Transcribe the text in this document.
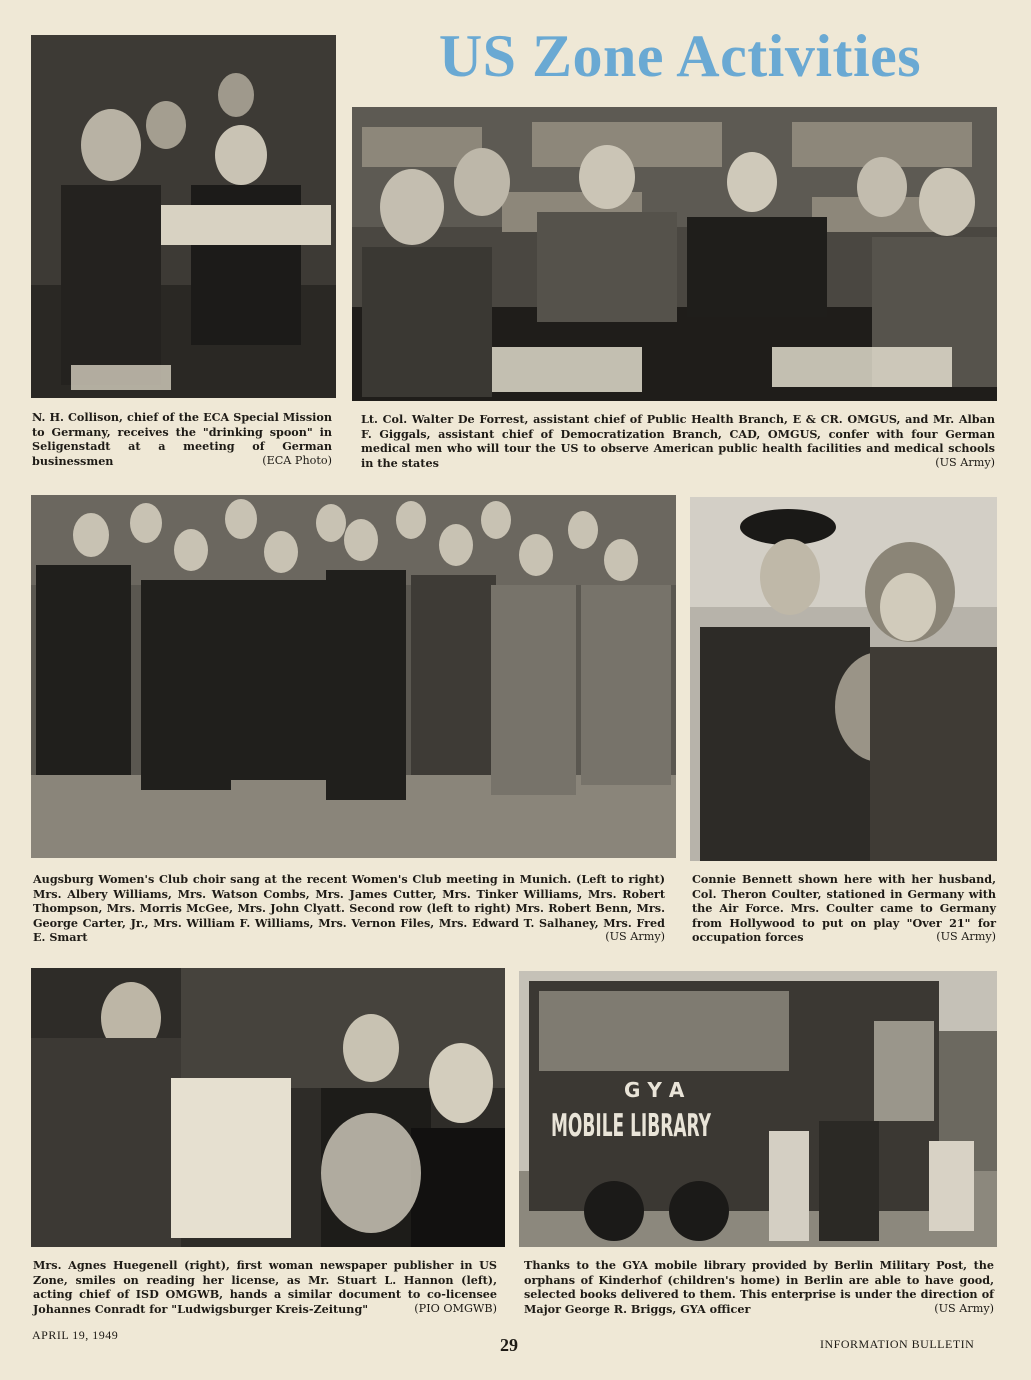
US Zone Activities
N. H. Collison, chief of the ECA Special Mission to Germany, receives the "drinking spoon" in Seligenstadt at a meeting of German businessmen	(ECA Photo)
Lt. Col. Walter De Forrest, assistant chief of Public Health Branch, E & CR. OMGUS, and Mr. Alban F. Giggals, assistant chief of Democratization Branch, CAD, OMGUS, confer with four German medical men who will tour the US to observe American public health facilities and medical schools in the states	(US Army)
Augsburg Women's Club choir sang at the recent Women's Club meeting in Munich. (Left to right) Mrs. Albery Williams, Mrs. Watson Combs, Mrs. James Cutter, Mrs. Tinker Williams, Mrs. Robert Thompson, Mrs. Morris McGee, Mrs. John Clyatt. Second row (left to right) Mrs. Robert Benn, Mrs. George Carter, Jr., Mrs. William F. Williams, Mrs. Vernon Files, Mrs. Edward T. Salhaney, Mrs. Fred E. Smart	(US Army)
Connie Bennett shown here with her husband, Col. Theron Coulter, stationed in Germany with the Air Force. Mrs. Coulter came to Germany from Hollywood to put on play "Over 21" for occupation forces	(US Army)
Mrs. Agnes Huegenell (right), first woman newspaper publisher in US Zone, smiles on reading her license, as Mr. Stuart L. Hannon (left), acting chief of ISD OMGWB, hands a similar document to co-licensee Johannes Conradt for "Ludwigsburger Kreis-Zeitung"	(PIO OMGWB)
G Y A
MOBILE LIBRARY
Thanks to the GYA mobile library provided by Berlin Military Post, the orphans of Kinderhof (children's home) in Berlin are able to have good, selected books delivered to them. This enterprise is under the direction of Major George R. Briggs, GYA officer	(US Army)
APRIL 19, 1949	29	INFORMATION BULLETIN
